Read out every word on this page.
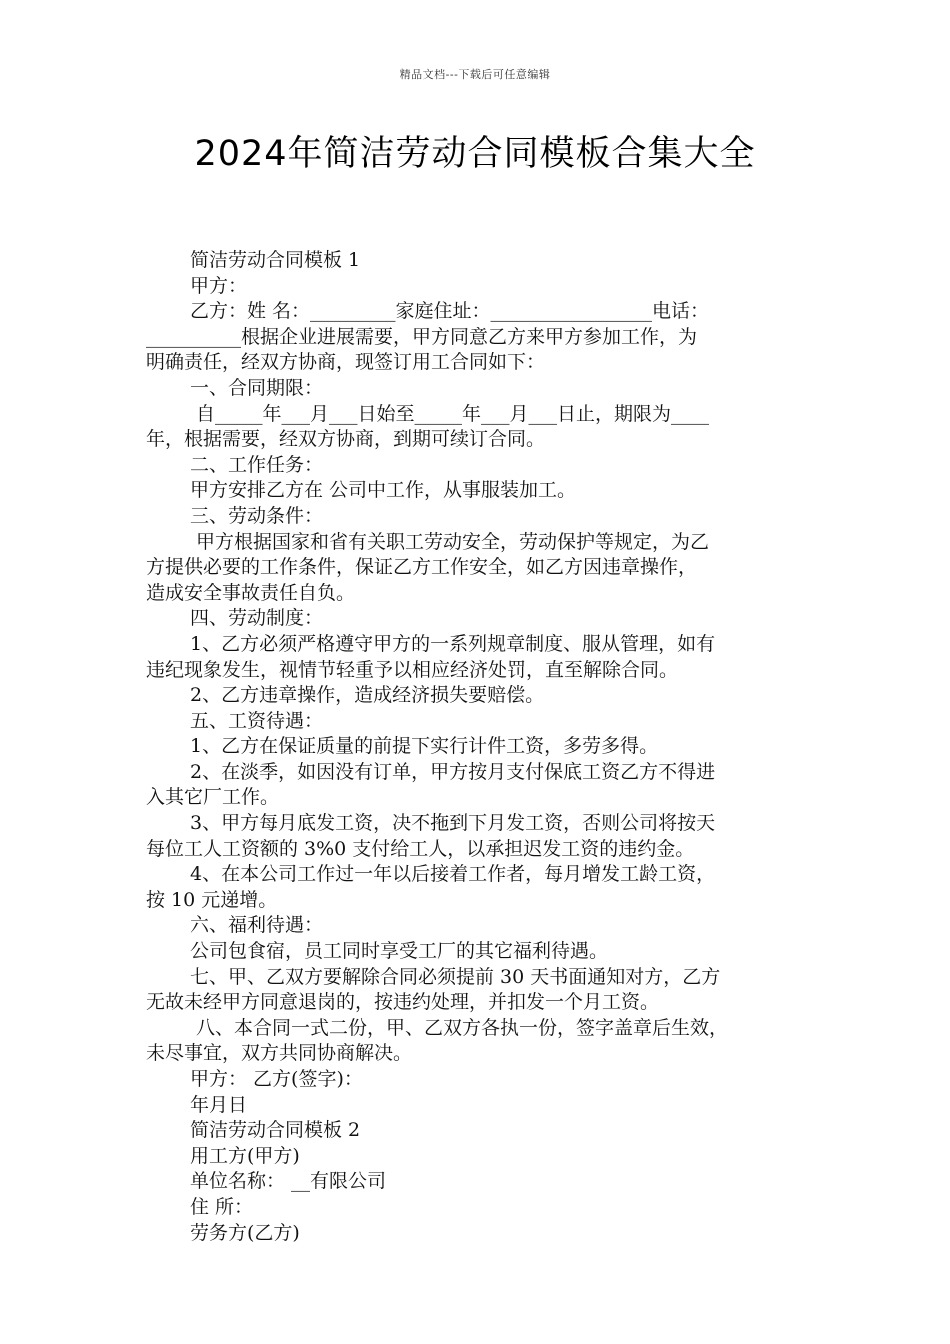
精品文档---下载后可任意编辑
2024年简洁劳动合同模板合集大全

简洁劳动合同模板 1

甲方：

乙方：姓 名：_________家庭住址：_________________电话：

__________根据企业进展需要，甲方同意乙方来甲方参加工作，为

明确责任，经双方协商，现签订用工合同如下：

一、合同期限：

自_____年___月___日始至_____年___月___日止，期限为____

年，根据需要，经双方协商，到期可续订合同。

二、工作任务：

甲方安排乙方在 公司中工作，从事服装加工。

三、劳动条件：

甲方根据国家和省有关职工劳动安全，劳动保护等规定，为乙

方提供必要的工作条件，保证乙方工作安全，如乙方因违章操作，

造成安全事故责任自负。

四、劳动制度：

1、乙方必须严格遵守甲方的一系列规章制度、服从管理，如有

违纪现象发生，视情节轻重予以相应经济处罚，直至解除合同。

2、乙方违章操作，造成经济损失要赔偿。

五、工资待遇：

1、乙方在保证质量的前提下实行计件工资，多劳多得。

2、在淡季，如因没有订单，甲方按月支付保底工资乙方不得进

入其它厂工作。

3、甲方每月底发工资，决不拖到下月发工资，否则公司将按天

每位工人工资额的 3%0 支付给工人，以承担迟发工资的违约金。

4、在本公司工作过一年以后接着工作者，每月增发工龄工资，

按 10 元递增。

六、福利待遇：

公司包食宿，员工同时享受工厂的其它福利待遇。

七、甲、乙双方要解除合同必须提前 30 天书面通知对方，乙方

无故未经甲方同意退岗的，按违约处理，并扣发一个月工资。

八、本合同一式二份，甲、乙双方各执一份，签字盖章后生效，

未尽事宜，双方共同协商解决。

甲方： 乙方(签字)：

年月日

简洁劳动合同模板 2

用工方(甲方)

单位名称： __有限公司

住 所：

劳务方(乙方)
